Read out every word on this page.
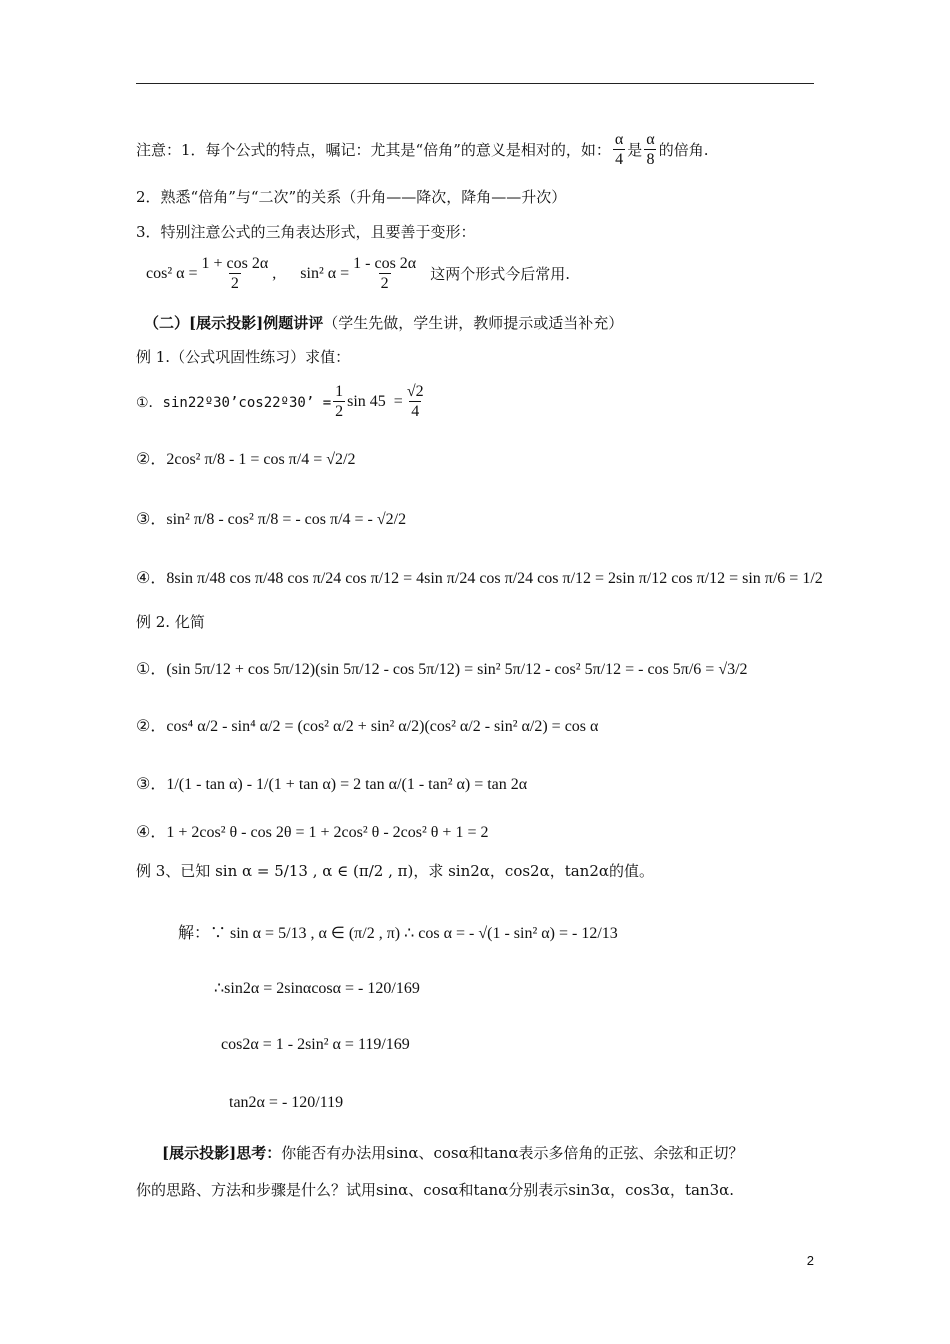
注意：1．每个公式的特点，嘱记：尤其是“倍角”的意义是相对的，如： $\frac{\alpha}{4}$ 是 $\frac{\alpha}{8}$ 的倍角.
2．熟悉“倍角”与“二次”的关系（升角——降次，降角——升次）
3．特别注意公式的三角表达形式，且要善于变形：
cos² $\alpha = \frac{1 + \cos 2\alpha}{2}$ ,      sin² $\alpha = \frac{1 - \cos 2\alpha}{2}$ 这两个形式今后常用.
（二）[展示投影]例题讲评 （学生先做，学生讲，教师提示或适当补充）
例 1.（公式巩固性练习）求值：
①．sin22º30’cos22º30’ = $\frac{1}{2}$ $\sin 45 = \frac{√2}{4}$
②．2cos² π/8 - 1 = cos π/4 = √2/2
③．sin² π/8 - cos² π/8 = - cos π/4 = - √2/2
④．8sin π/48 cos π/48 cos π/24 cos π/12 = 4sin π/24 cos π/24 cos π/12 = 2sin π/12 cos π/12 = sin π/6 = 1/2
例 2. 化简
①．(sin 5π/12 + cos 5π/12)(sin 5π/12 - cos 5π/12) = sin² 5π/12 - cos² 5π/12 = - cos 5π/6 = √3/2
②．cos⁴ α/2 - sin⁴ α/2 = (cos² α/2 + sin² α/2)(cos² α/2 - sin² α/2) = cos α
③．1/(1 - tan α) - 1/(1 + tan α) = 2 tan α/(1 - tan² α) = tan 2α
④．1 + 2cos² θ - cos 2θ = 1 + 2cos² θ - 2cos² θ + 1 = 2
例 3、已知 sin α = 5/13 , α ∈ (π/2 , π)，求 sin2α，cos2α，tan2α的值。
解：∵ sin α = 5/13 , α ∈ (π/2 , π) ∴ cos α = - √(1 - sin² α) = - 12/13
∴sin2α = 2sinαcosα = - 120/169
cos2α = 1 - 2sin² α = 119/169
tan2α = - 120/119
[展示投影]思考： 你能否有办法用sinα、cosα和tanα表示多倍角的正弦、余弦和正切？
你的思路、方法和步骤是什么？试用sinα、cosα和tanα分别表示sin3α，cos3α，tan3α.
2
